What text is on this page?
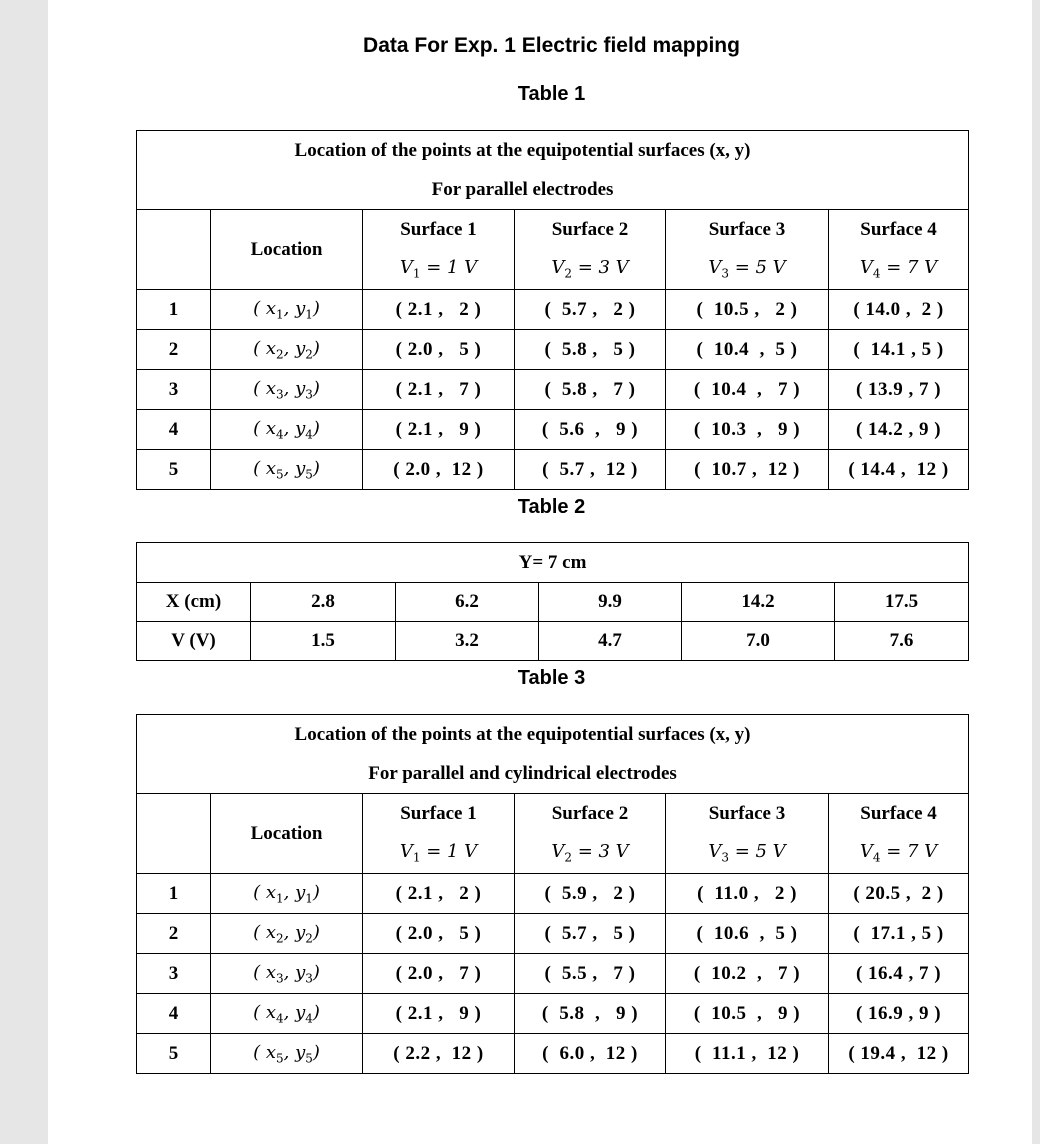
Data For Exp. 1 Electric field mapping
Table 1
Location of the points at the equipotential surfaces (x, y)
For parallel electrodes					

	Location	Surface 1	Surface 2	Surface 3	Surface 4
		$V_1 = 1$ V	$V_2 = 3$ V	$V_3 = 5$ V	$V_4 = 7$ V
1	( $x_1$, $y_1$)	( 2.1 ,   2 )	(  5.7 ,   2 )	(  10.5 ,   2 )	( 14.0 ,  2 )
2	( $x_2$, $y_2$)	( 2.0 ,   5 )	(  5.8 ,   5 )	(  10.4  ,  5 )	(  14.1 , 5 )
3	( $x_3$, $y_3$)	( 2.1 ,   7 )	(  5.8 ,   7 )	(  10.4  ,   7 )	( 13.9 , 7 )
4	( $x_4$, $y_4$)	( 2.1 ,   9 )	(  5.6  ,   9 )	(  10.3  ,   9 )	( 14.2 , 9 )
5	( $x_5$, $y_5$)	( 2.0 ,  12 )	(  5.7 ,  12 )	(  10.7 ,  12 )	( 14.4 ,  12 )
Table 2
Y= 7 cm					
X (cm)	2.8	6.2	9.9	14.2	17.5
V (V)	1.5	3.2	4.7	7.0	7.6
Table 3
Location of the points at the equipotential surfaces (x, y)
For parallel and cylindrical electrodes					

	Location	Surface 1	Surface 2	Surface 3	Surface 4
		$V_1 = 1$ V	$V_2 = 3$ V	$V_3 = 5$ V	$V_4 = 7$ V
1	( $x_1$, $y_1$)	( 2.1 ,   2 )	(  5.9 ,   2 )	(  11.0 ,   2 )	( 20.5 ,  2 )
2	( $x_2$, $y_2$)	( 2.0 ,   5 )	(  5.7 ,   5 )	(  10.6  ,  5 )	(  17.1 , 5 )
3	( $x_3$, $y_3$)	( 2.0 ,   7 )	(  5.5 ,   7 )	(  10.2  ,   7 )	( 16.4 , 7 )
4	( $x_4$, $y_4$)	( 2.1 ,   9 )	(  5.8  ,   9 )	(  10.5  ,   9 )	( 16.9 , 9 )
5	( $x_5$, $y_5$)	( 2.2 ,  12 )	(  6.0 ,  12 )	(  11.1 ,  12 )	( 19.4 ,  12 )
